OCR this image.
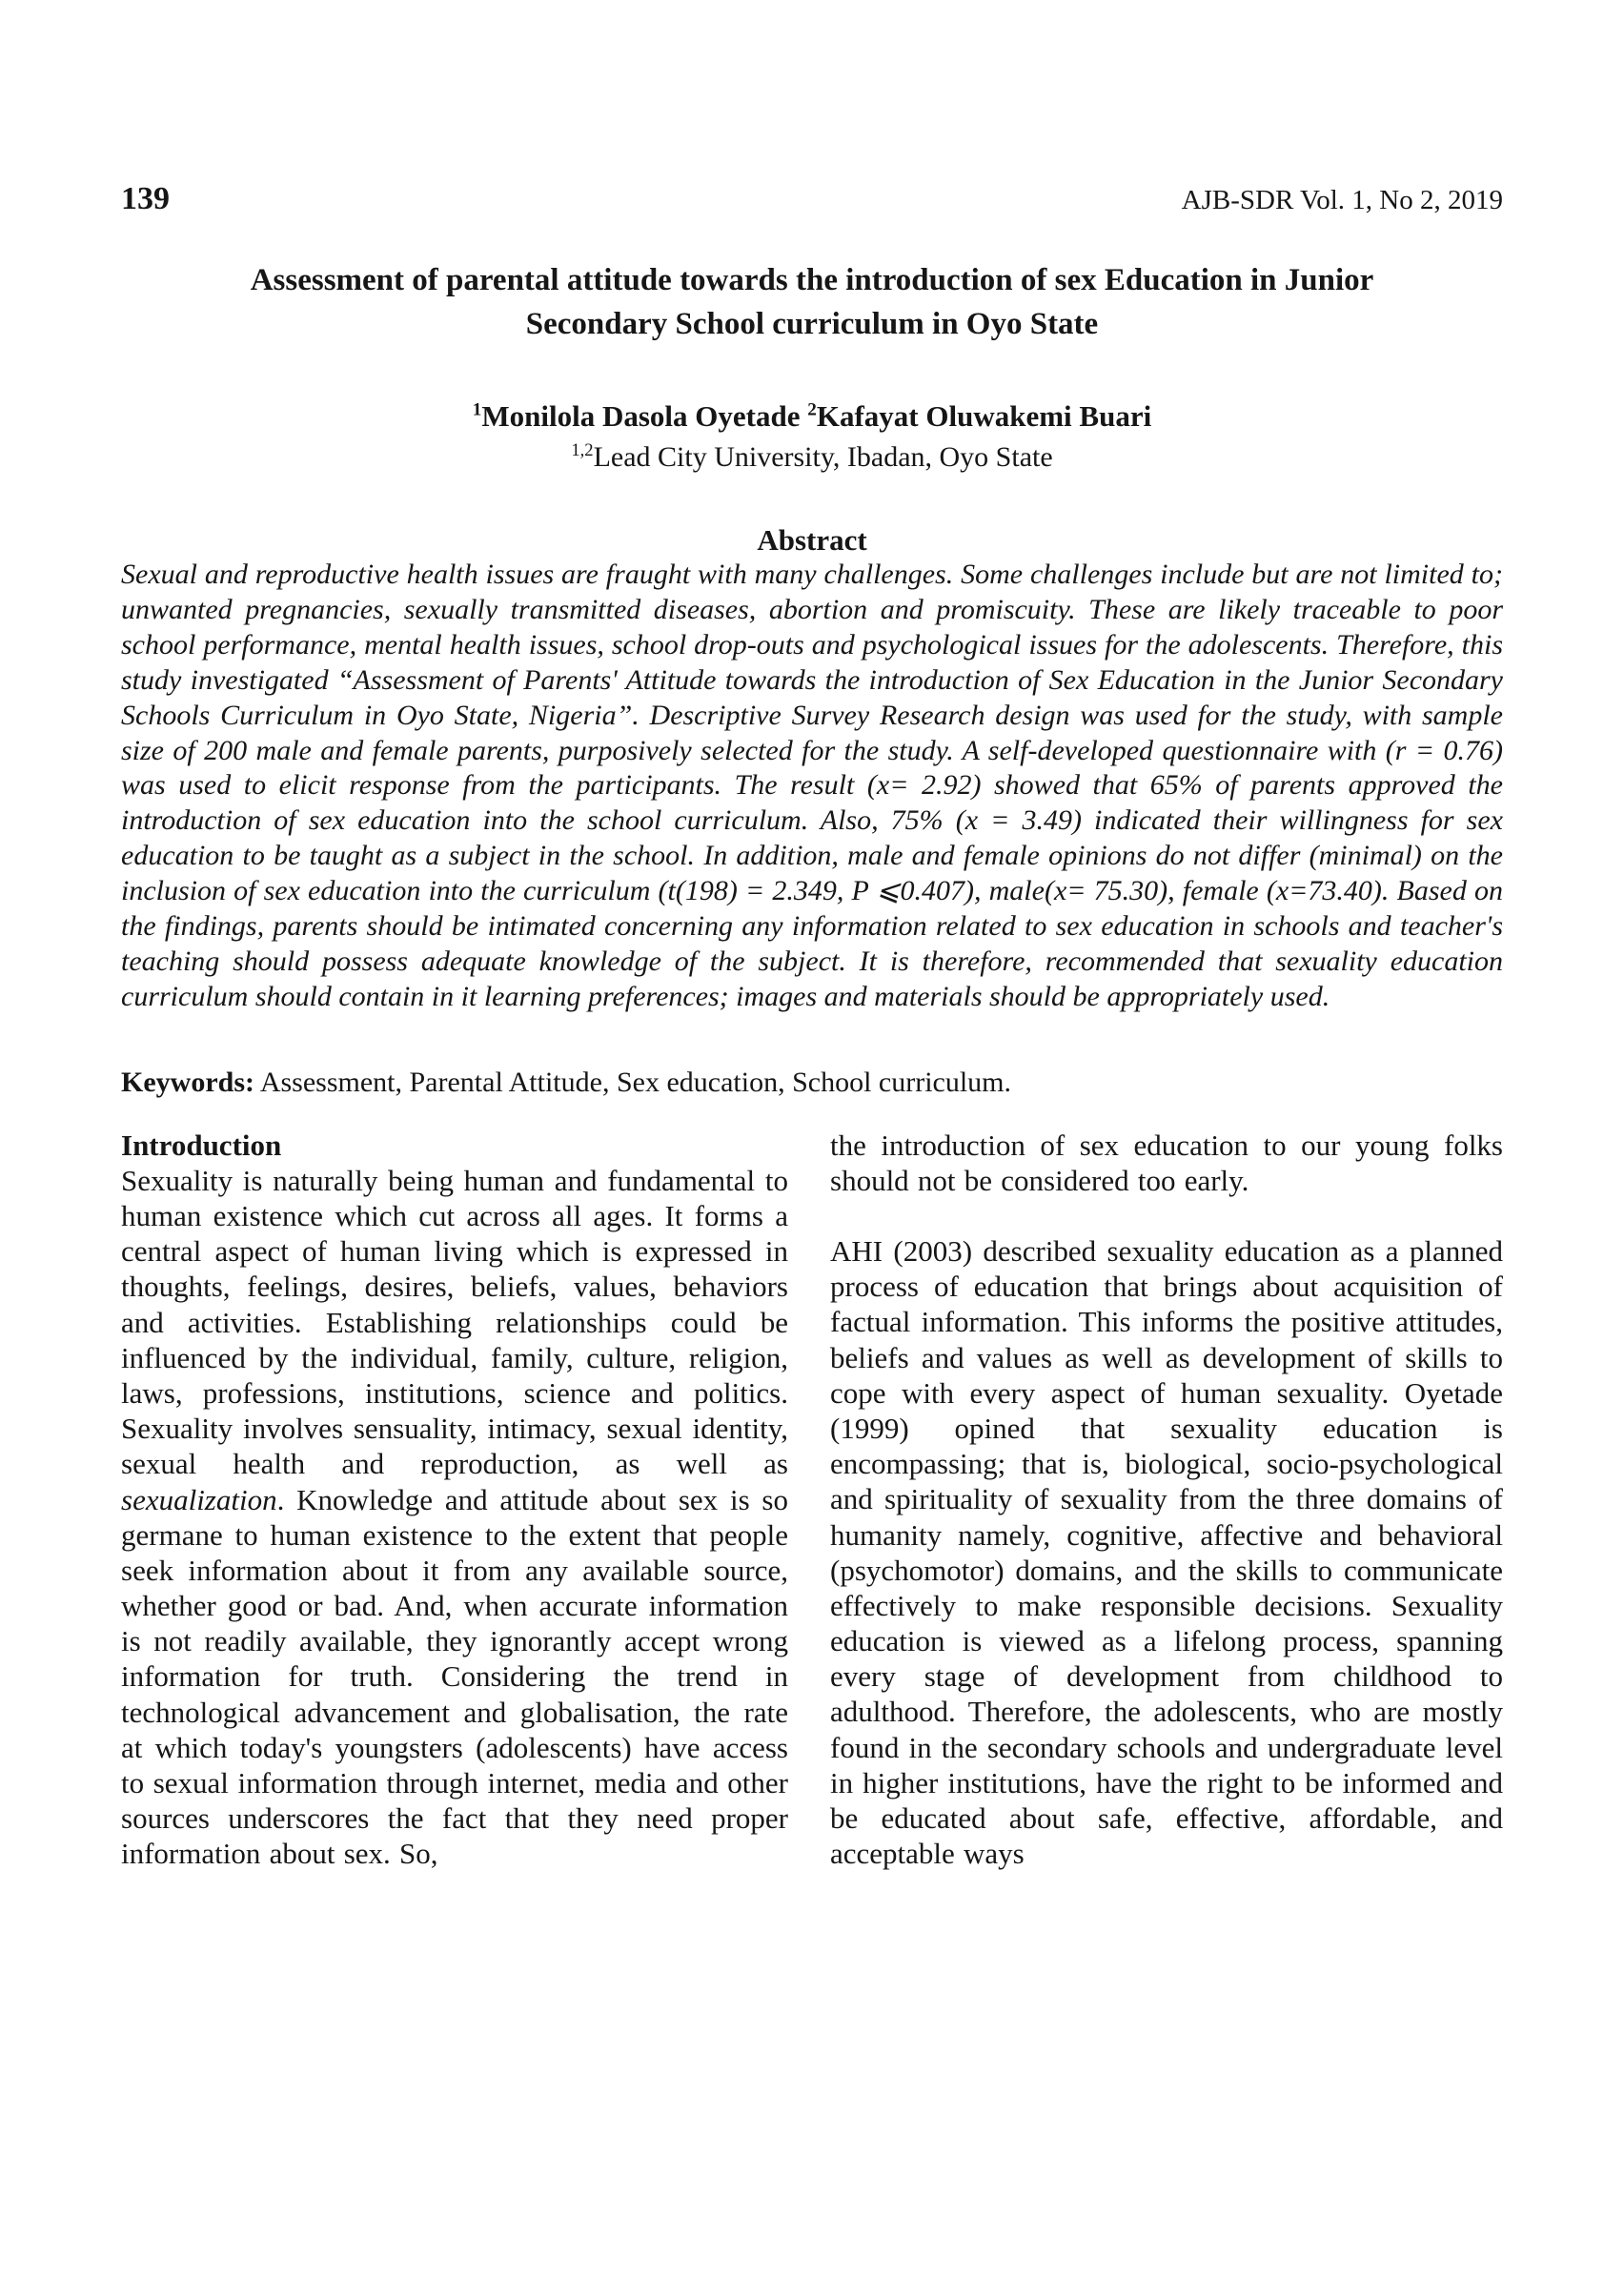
139	AJB-SDR Vol. 1, No 2, 2019
Assessment of parental attitude towards the introduction of sex Education in Junior Secondary School curriculum in Oyo State
$^1$Monilola Dasola Oyetade $^2$Kafayat Oluwakemi Buari
$^{1,2}$Lead City University, Ibadan, Oyo State
Abstract

Sexual and reproductive health issues are fraught with many challenges. Some challenges include but are not limited to; unwanted pregnancies, sexually transmitted diseases, abortion and promiscuity. These are likely traceable to poor school performance, mental health issues, school drop-outs and psychological issues for the adolescents. Therefore, this study investigated “Assessment of Parents' Attitude towards the introduction of Sex Education in the Junior Secondary Schools Curriculum in Oyo State, Nigeria”. Descriptive Survey Research design was used for the study, with sample size of 200 male and female parents, purposively selected for the study. A self-developed questionnaire with (r = 0.76) was used to elicit response from the participants. The result (x= 2.92) showed that 65% of parents approved the introduction of sex education into the school curriculum. Also, 75% (x = 3.49) indicated their willingness for sex education to be taught as a subject in the school. In addition, male and female opinions do not differ (minimal) on the inclusion of sex education into the curriculum (t(198) = 2.349, P ⩽0.407), male(x= 75.30), female (x=73.40). Based on the findings, parents should be intimated concerning any information related to sex education in schools and teacher's teaching should possess adequate knowledge of the subject. It is therefore, recommended that sexuality education curriculum should contain in it learning preferences; images and materials should be appropriately used.

Keywords: Assessment, Parental Attitude, Sex education, School curriculum.
Introduction

Sexuality is naturally being human and fundamental to human existence which cut across all ages. It forms a central aspect of human living which is expressed in thoughts, feelings, desires, beliefs, values, behaviors and activities. Establishing relationships could be influenced by the individual, family, culture, religion, laws, professions, institutions, science and politics. Sexuality involves sensuality, intimacy, sexual identity, sexual health and reproduction, as well as sexualization. Knowledge and attitude about sex is so germane to human existence to the extent that people seek information about it from any available source, whether good or bad. And, when accurate information is not readily available, they ignorantly accept wrong information for truth. Considering the trend in technological advancement and globalisation, the rate at which today's youngsters (adolescents) have access to sexual information through internet, media and other sources underscores the fact that they need proper information about sex. So,

the introduction of sex education to our young folks should not be considered too early.

AHI (2003) described sexuality education as a planned process of education that brings about acquisition of factual information. This informs the positive attitudes, beliefs and values as well as development of skills to cope with every aspect of human sexuality. Oyetade (1999) opined that sexuality education is encompassing; that is, biological, socio-psychological and spirituality of sexuality from the three domains of humanity namely, cognitive, affective and behavioral (psychomotor) domains, and the skills to communicate effectively to make responsible decisions. Sexuality education is viewed as a lifelong process, spanning every stage of development from childhood to adulthood. Therefore, the adolescents, who are mostly found in the secondary schools and undergraduate level in higher institutions, have the right to be informed and be educated about safe, effective, affordable, and acceptable ways
